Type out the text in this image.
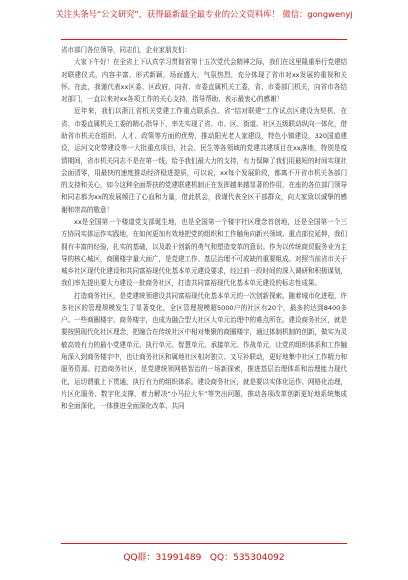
关注头条号“公文研究”，获得最新最全最专业的公文资料库！ 微信：gongwenyj

省市部门各位领导，同志们，企业家朋友们：

大家下午好！在全省上下认真学习贯彻省第十五次党代会精神之际，我们在这里隆重举行党建结对联建仪式，内容丰富、形式新颖，场面盛大、气氛热烈，充分体现了省市对xx发展的重视和关怀。在此，我谨代表xx区委、区政府，向省、市委直属机关工委，省、市委部门机关，向省市各结对部门，一直以来对xx各项工作的关心支持，指导帮助，表示最衷心的感谢！

近年来，我们以浙江省机关党建工作重点联系点、省“结对联建”工作试点区建设为契机，在省、市委直属机关工委的精心指导下，率先实现了省、市、区、街道、社区五级联动纵向一体化，借助省市机关在组织、人才、政策等方面的优势，推动阳光老人家建设，特色小镇建设，320国道建设，运河文化带建设等一大批重点项目，社会、民生等各领域的党建共建项目在xx落地，特别是疫情期间，省市机关同志不是在第一线，给予我们最大力的支持，有力保障了我们用最短的时间实现社会面清零，用最快的速度推动经济稳进提质，可以说，xx每个发展阶段，都离不开省市机关各部门的支持和关心，如今这种全面帮扶的党建联建机制正在发挥越来越显著的作用，在座的各位部门领导和同志都为xx的发展倾注了心血和力量，借此机会，我谨代表全区干部群众，向大家致以诚挚的感谢和崇高的敬意！

xx是全国第一个楼道党支部诞生地，也是全国第一个楼宇社区理念首创地，还是全国第一个三方协同实体运作实践地，在如何更加有效地把党的组织和工作触角向新兴领域、重点部位延伸，我们拥有丰富的经验，扎实的基础，以及敢于创新的勇气和塑造变革的意识。作为以传统商贸服务业为主导的核心城区，商圈楼宇量大面广，是党建工作、基层治理不可或缺的重要组成。对照当前省市关于城乡社区现代化建设和共同富裕现代化基本单元建设要求，经过前一段时间的深入调研和积极谋划，我们率先提出要大力建设一批商务社区，打造共同富裕现代化基本单元建设的标志性成果。

打造商务社区，是党建统领建设共同富裕现代化基本单元的一次创新探索。随着城市化进程，许多社区的管理规模发生了显著变化，全区管理规模超5000户的社区有20个，最多的达到8400多户。一些商圈楼宇、商务楼宇，也成为融合型大社区大单元治理中的难点所在。建设商务社区，就是要按照现代化社区理念，把融合在传统社区中相对集聚的商圈楼宇，通过体制机制的创新，做实为灵敏高效有力的最小党建单元、执行单元、智慧单元、承接单元、作战单元，让党的组织体系和工作触角深入到商务楼宇中，也让商务社区和属地社区相对独立、又互补联动，更好地集中社区工作精力和服务资源。打造商务社区，是党建统领网格智治的一场新探索，推进基层治理体系和治理能力现代化，运切谓重上下贯通，执行有力的组织体系。建设商务社区，就是要以实体化运作、网格化治理，片区化服务、数字化支撑，着力解决“小马拉大车”等突出问题，推动各项改革创新更好地系统集成和全面深化，一体推进全面深化改革、共同

QQ群：31991489   QQ：535304092
